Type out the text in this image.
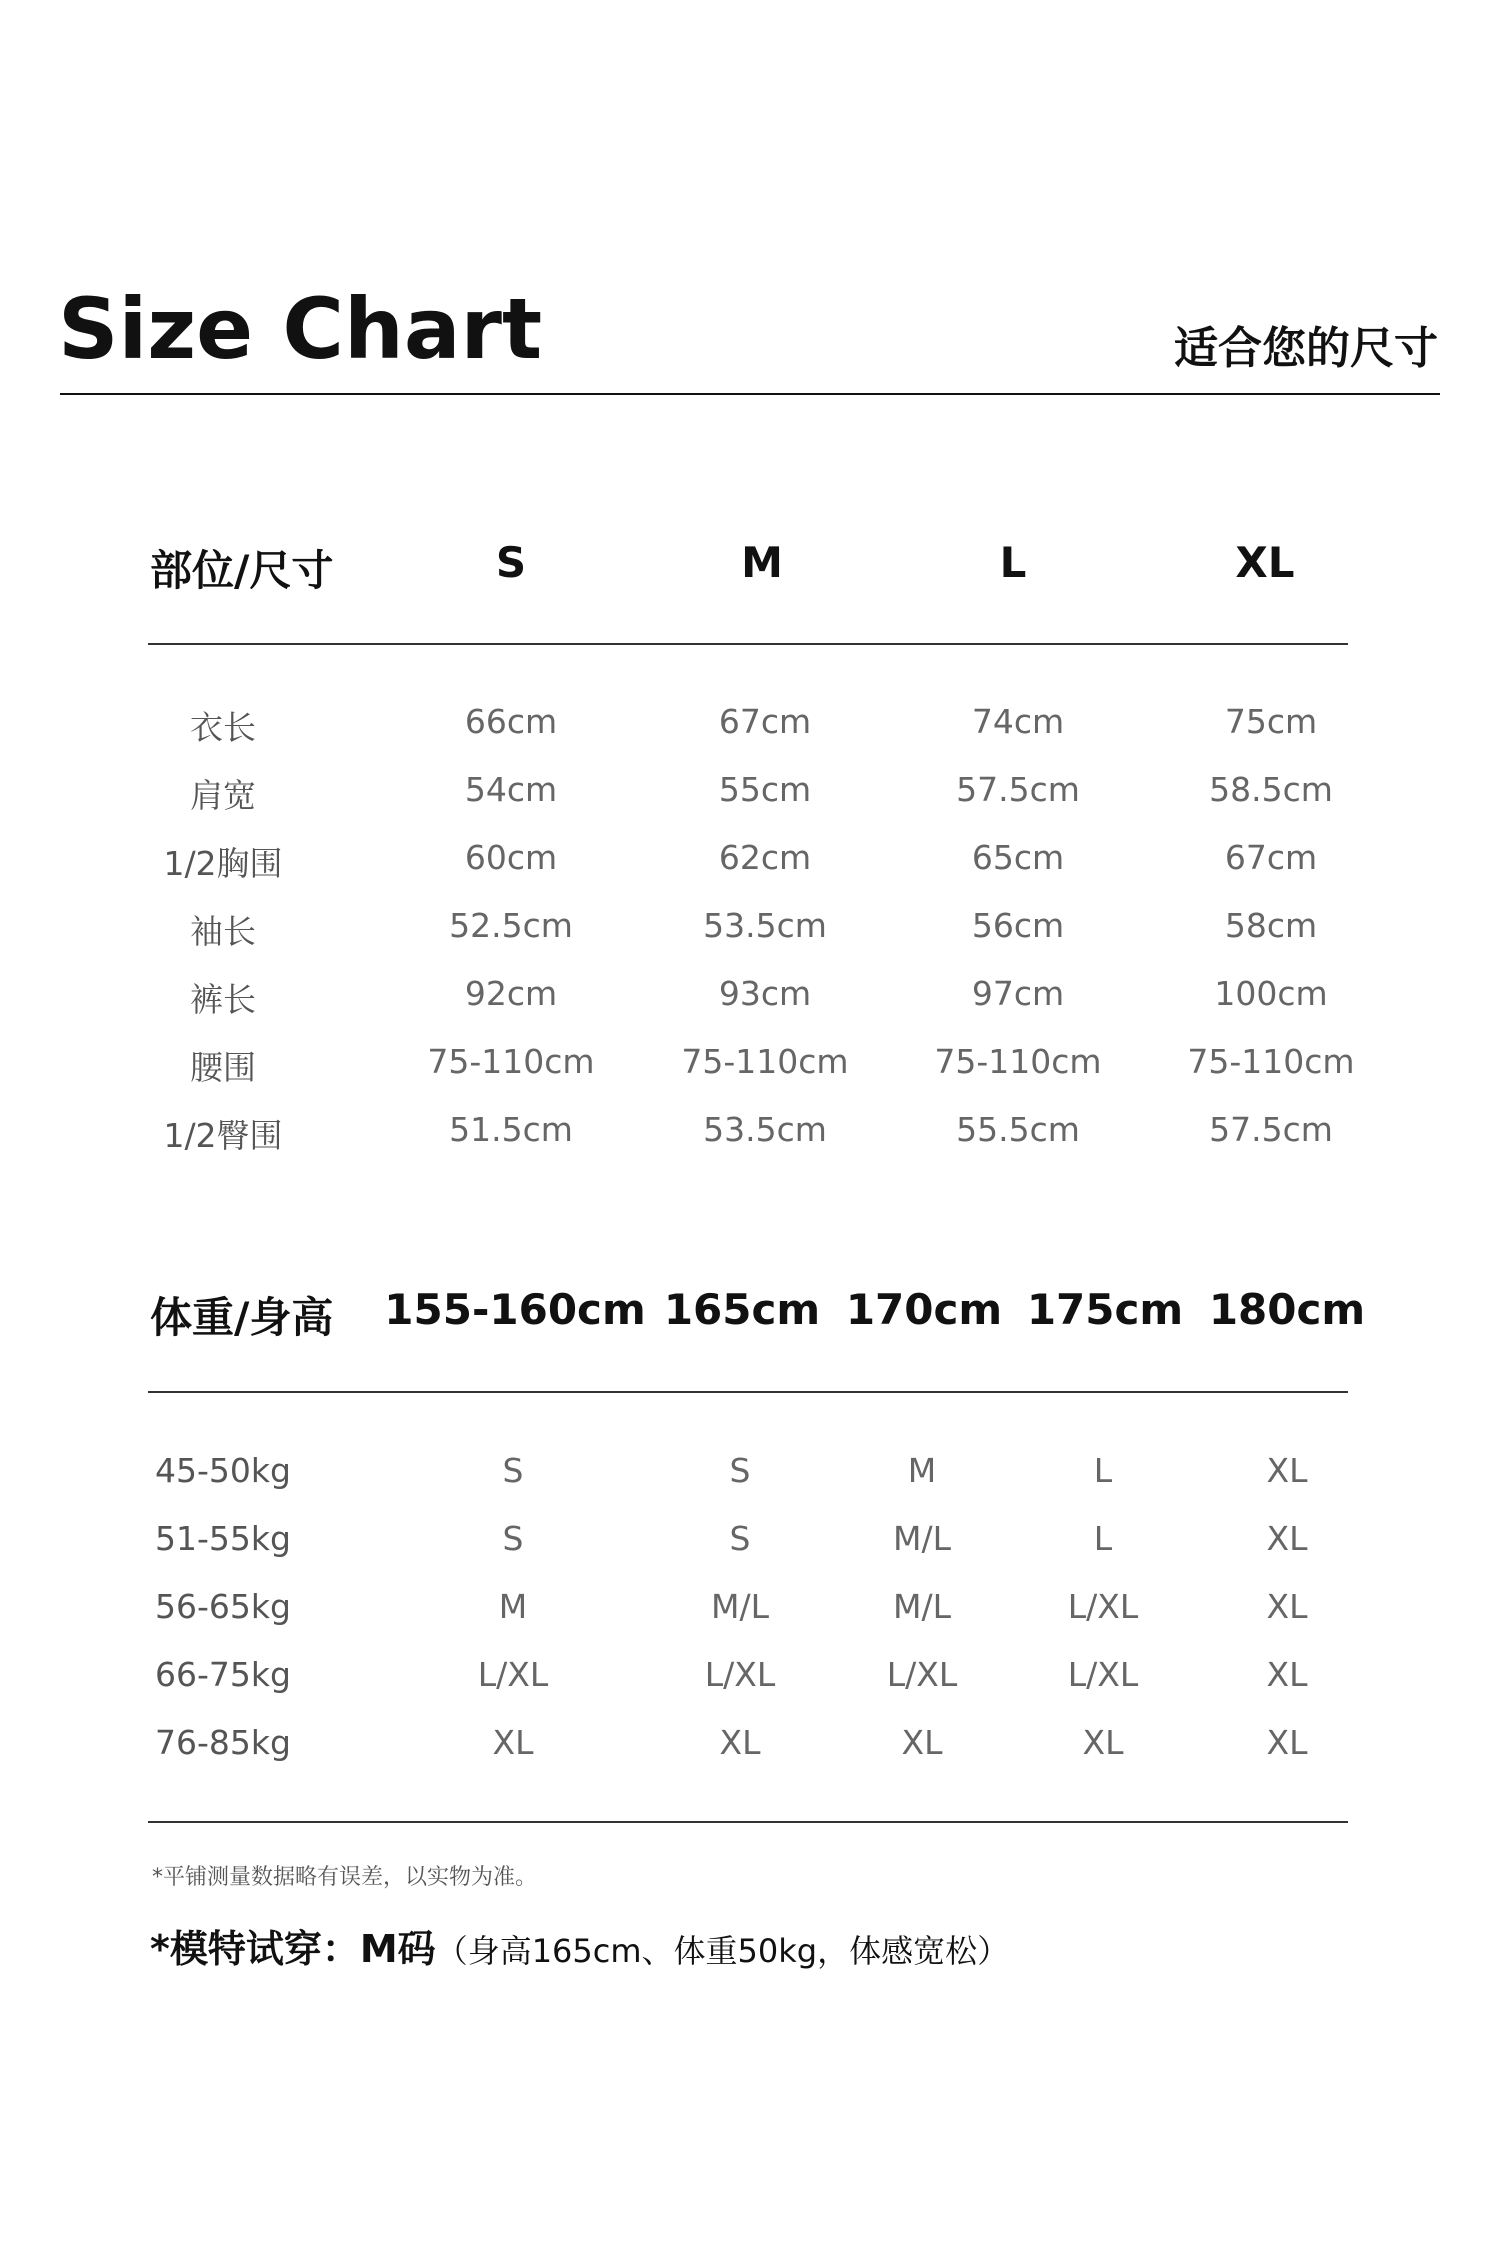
Size Chart	适合您的尺寸
部位/尺寸	S	M	L	XL
衣长	66cm	67cm	74cm	75cm
肩宽	54cm	55cm	57.5cm	58.5cm
1/2胸围	60cm	62cm	65cm	67cm
袖长	52.5cm	53.5cm	56cm	58cm
裤长	92cm	93cm	97cm	100cm
腰围	75-110cm	75-110cm	75-110cm	75-110cm
1/2臀围	51.5cm	53.5cm	55.5cm	57.5cm
体重/身高 155-160cm 165cm 170cm 175cm 180cm
45-50kg	S	S	M	L	XL
51-55kg	S	S	M/L	L	XL
56-65kg	M	M/L	M/L	L/XL	XL
66-75kg	L/XL	L/XL	L/XL	L/XL	XL
76-85kg	XL	XL	XL	XL	XL
*平铺测量数据略有误差，以实物为准。
*模特试穿：M码（身高165cm、体重50kg，体感宽松）
